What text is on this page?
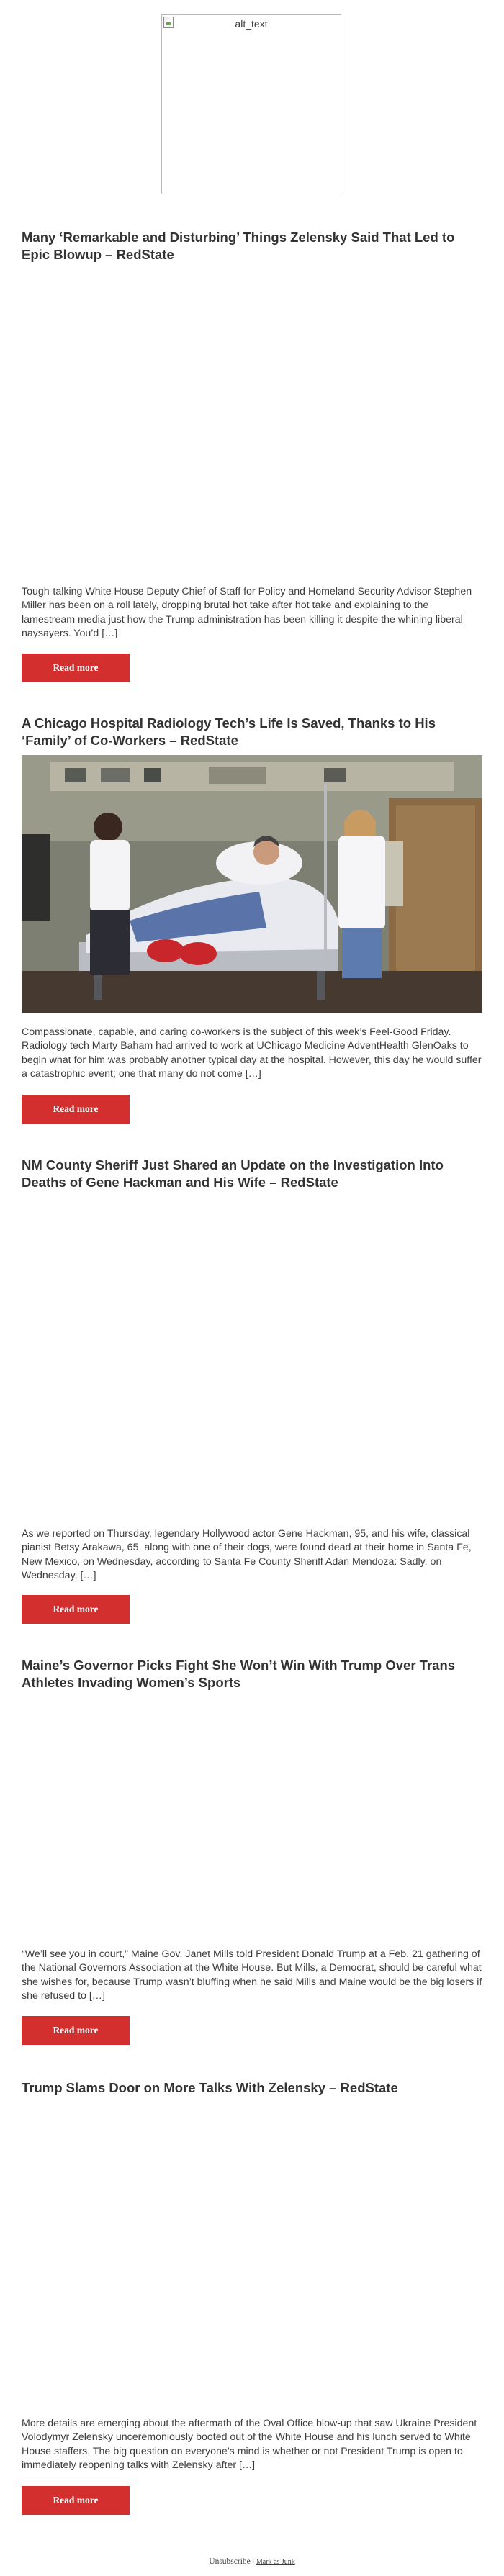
alt_text
Many ‘Remarkable and Disturbing’ Things Zelensky Said That Led to Epic Blowup – RedState

Tough-talking White House Deputy Chief of Staff for Policy and Homeland Security Advisor Stephen Miller has been on a roll lately, dropping brutal hot take after hot take and explaining to the lamestream media just how the Trump administration has been killing it despite the whining liberal naysayers. You’d […]

Read more
A Chicago Hospital Radiology Tech’s Life Is Saved, Thanks to His ‘Family’ of Co-Workers – RedState

Compassionate, capable, and caring co-workers is the subject of this week’s Feel-Good Friday. Radiology tech Marty Baham had arrived to work at UChicago Medicine AdventHealth GlenOaks to begin what for him was probably another typical day at the hospital. However, this day he would suffer a catastrophic event; one that many do not come […]

Read more
NM County Sheriff Just Shared an Update on the Investigation Into Deaths of Gene Hackman and His Wife – RedState

As we reported on Thursday, legendary Hollywood actor Gene Hackman, 95, and his wife, classical pianist Betsy Arakawa, 65, along with one of their dogs, were found dead at their home in Santa Fe, New Mexico, on Wednesday, according to Santa Fe County Sheriff Adan Mendoza: Sadly, on Wednesday, […]

Read more
Maine’s Governor Picks Fight She Won’t Win With Trump Over Trans Athletes Invading Women’s Sports

“We’ll see you in court,” Maine Gov. Janet Mills told President Donald Trump at a Feb. 21 gathering of the National Governors Association at the White House. But Mills, a Democrat, should be careful what she wishes for, because Trump wasn’t bluffing when he said Mills and Maine would be the big losers if she refused to […]

Read more
Trump Slams Door on More Talks With Zelensky – RedState

More details are emerging about the aftermath of the Oval Office blow-up that saw Ukraine President Volodymyr Zelensky unceremoniously booted out of the White House and his lunch served to White House staffers. The big question on everyone’s mind is whether or not President Trump is open to immediately reopening talks with Zelensky after […]

Read more
Unsubscribe | Mark as Junk
